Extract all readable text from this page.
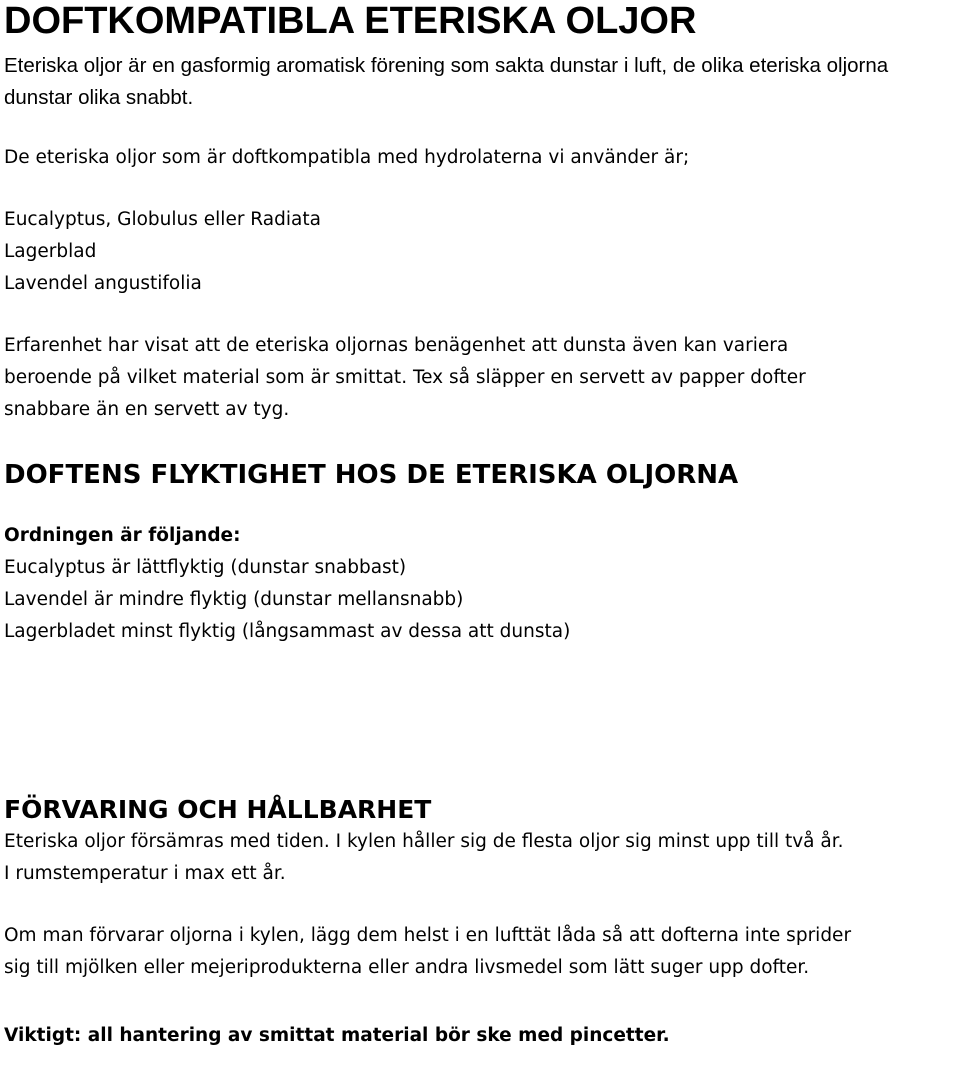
DOFTKOMPATIBLA ETERISKA OLJOR

Eteriska oljor är en gasformig aromatisk förening som sakta dunstar i luft, de olika eteriska oljorna dunstar olika snabbt.

De eteriska oljor som är doftkompatibla med hydrolaterna vi använder är;

Eucalyptus, Globulus eller Radiata

Lagerblad

Lavendel angustifolia

Erfarenhet har visat att de eteriska oljornas benägenhet att dunsta även kan variera
beroende på vilket material som är smittat. Tex så släpper en servett av papper dofter
snabbare än en servett av tyg.
DOFTENS FLYKTIGHET HOS DE ETERISKA OLJORNA

Ordningen är följande:

Eucalyptus är lättflyktig (dunstar snabbast)

Lavendel är mindre flyktig (dunstar mellansnabb)

Lagerbladet minst flyktig (långsammast av dessa att dunsta)

FÖRVARING OCH HÅLLBARHET
Eteriska oljor försämras med tiden. I kylen håller sig de flesta oljor sig minst upp till två år.
I rumstemperatur i max ett år.
Om man förvarar oljorna i kylen, lägg dem helst i en lufttät låda så att dofterna inte sprider
sig till mjölken eller mejeriprodukterna eller andra livsmedel som lätt suger upp dofter.

Viktigt: all hantering av smittat material bör ske med pincetter.
